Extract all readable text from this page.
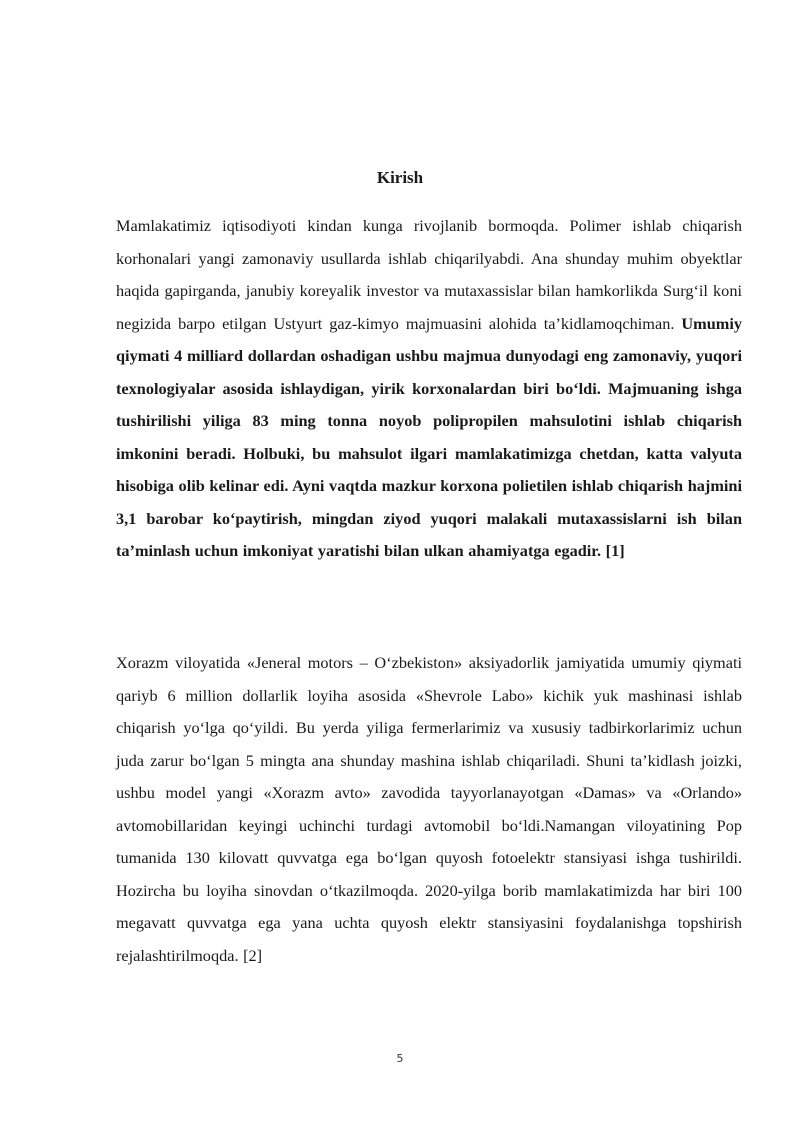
Kirish

Mamlakatimiz iqtisodiyoti kindan kunga rivojlanib bormoqda. Polimer ishlab chiqarish korhonalari yangi zamonaviy usullarda ishlab chiqarilyabdi. Ana shunday muhim obyektlar haqida gapirganda, janubiy koreyalik investor va mutaxassislar bilan hamkorlikda Surg‘il koni negizida barpo etilgan Ustyurt gaz-kimyo majmuasini alohida ta’kidlamoqchiman. Umumiy qiymati 4 milliard dollardan oshadigan ushbu majmua dunyodagi eng zamonaviy, yuqori texnologiyalar asosida ishlaydigan, yirik korxonalardan biri bo‘ldi. Majmuaning ishga tushirilishi yiliga 83 ming tonna noyob polipropilen mahsulotini ishlab chiqarish imkonini beradi. Holbuki, bu mahsulot ilgari mamlakatimizga chetdan, katta valyuta hisobiga olib kelinar edi. Ayni vaqtda mazkur korxona polietilen ishlab chiqarish hajmini 3,1 barobar ko‘paytirish, mingdan ziyod yuqori malakali mutaxassislarni ish bilan ta’minlash uchun imkoniyat yaratishi bilan ulkan ahamiyatga egadir. [1]

Xorazm viloyatida «Jeneral motors – O‘zbekiston» aksiyadorlik jamiyatida umumiy qiymati qariyb 6 million dollarlik loyiha asosida «Shevrole Labo» kichik yuk mashinasi ishlab chiqarish yo‘lga qo‘yildi. Bu yerda yiliga fermerlarimiz va xususiy tadbirkorlarimiz uchun juda zarur bo‘lgan 5 mingta ana shunday mashina ishlab chiqariladi. Shuni ta’kidlash joizki, ushbu model yangi «Xorazm avto» zavodida tayyorlanayotgan «Damas» va «Orlando» avtomobillaridan keyingi uchinchi turdagi avtomobil bo‘ldi.Namangan viloyatining Pop tumanida 130 kilovatt quvvatga ega bo‘lgan quyosh fotoelektr stansiyasi ishga tushirildi. Hozircha bu loyiha sinovdan o‘tkazilmoqda. 2020-yilga borib mamlakatimizda har biri 100 megavatt quvvatga ega yana uchta quyosh elektr stansiyasini foydalanishga topshirish rejalashtirilmoqda. [2]

5
